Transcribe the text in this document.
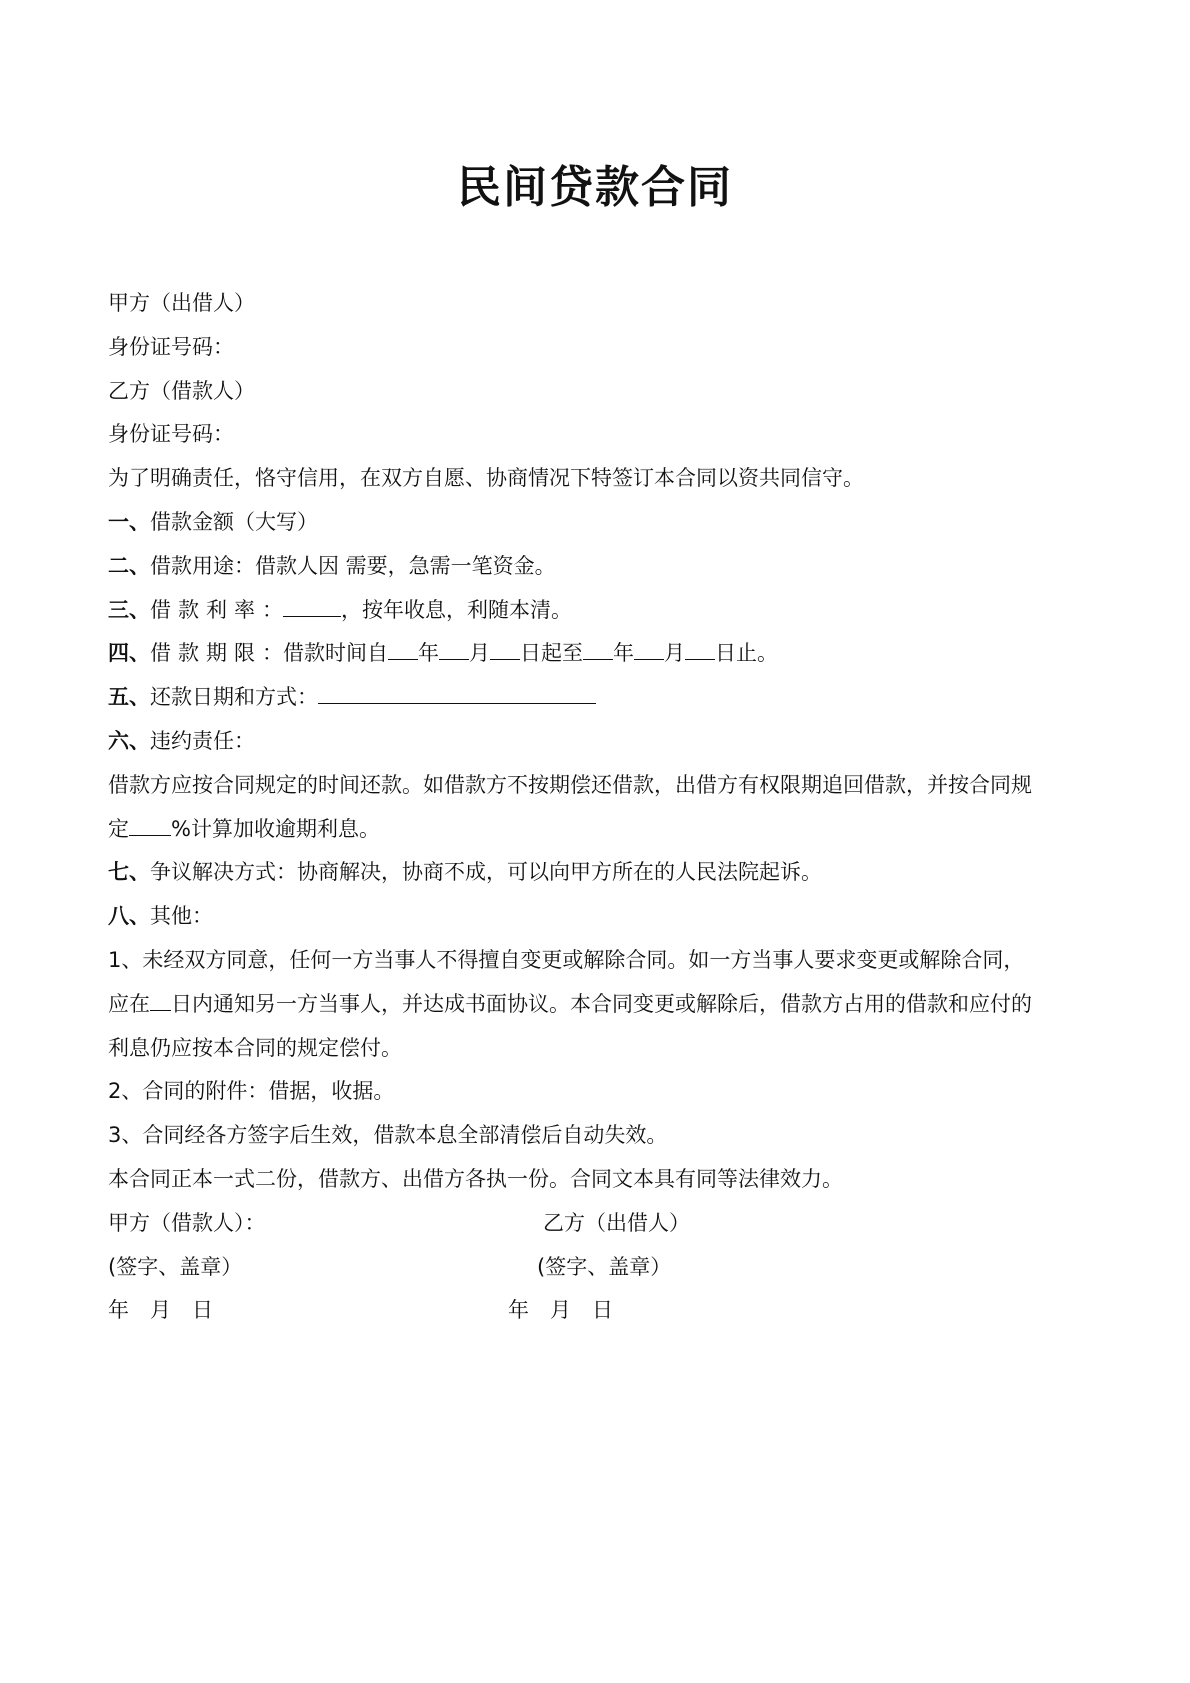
民间贷款合同
甲方（出借人）
身份证号码：
乙方（借款人）
身份证号码：
为了明确责任，恪守信用，在双方自愿、协商情况下特签订本合同以资共同信守。
一、借款金额（大写）
二、借款用途：借款人因 需要，急需一笔资金。
三、借款利率：	，按年收息，利随本清。
四、借款期限：借款时间自 年 月 日起至 年 月 日止。
五、还款日期和方式：
六、违约责任：
借款方应按合同规定的时间还款。如借款方不按期偿还借款，出借方有权限期追回借款，并按合同规
定 %计算加收逾期利息。
七、争议解决方式：协商解决，协商不成，可以向甲方所在的人民法院起诉。
八、其他：
1、未经双方同意，任何一方当事人不得擅自变更或解除合同。如一方当事人要求变更或解除合同，
应在 日内通知另一方当事人，并达成书面协议。本合同变更或解除后，借款方占用的借款和应付的
利息仍应按本合同的规定偿付。
2、合同的附件：借据，收据。
3、合同经各方签字后生效，借款本息全部清偿后自动失效。
本合同正本一式二份，借款方、出借方各执一份。合同文本具有同等法律效力。
甲方（借款人）：	乙方（出借人）
(签字、盖章）	(签字、盖章）
年　月　日	年　月　日
